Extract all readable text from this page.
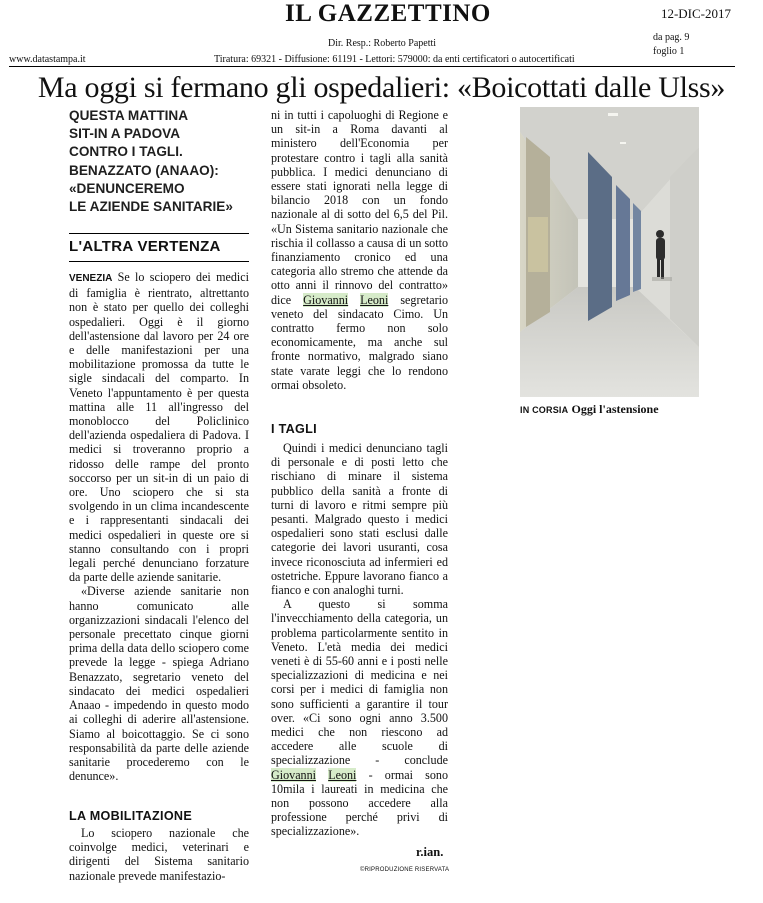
IL GAZZETTINO	12-DIC-2017
Dir. Resp.: Roberto Papetti
da pag. 9
foglio 1
www.datastampa.it	Tiratura: 69321 - Diffusione: 61191 - Lettori: 579000: da enti certificatori o autocertificati
Ma oggi si fermano gli ospedalieri: «Boicottati dalle Ulss»
QUESTA MATTINA
SIT-IN A PADOVA
CONTRO I TAGLI.
BENAZZATO (ANAAO):
«DENUNCEREMO
LE AZIENDE SANITARIE»
L'ALTRA VERTENZA

VENEZIA Se lo sciopero dei medici di famiglia è rientrato, altrettanto non è stato per quello dei colleghi ospedalieri. Oggi è il giorno dell'astensione dal lavoro per 24 ore e delle manifestazioni per una mobilitazione promossa da tutte le sigle sindacali del comparto. In Veneto l'appuntamento è per questa mattina alle 11 all'ingresso del monoblocco del Policlinico dell'azienda ospedaliera di Padova. I medici si troveranno proprio a ridosso delle rampe del pronto soccorso per un sit-in di un paio di ore. Uno sciopero che si sta svolgendo in un clima incandescente e i rappresentanti sindacali dei medici ospedalieri in queste ore si stanno consultando con i propri legali perché denunciano forzature da parte delle aziende sanitarie.

«Diverse aziende sanitarie non hanno comunicato alle organizzazioni sindacali l'elenco del personale precettato cinque giorni prima della data dello sciopero come prevede la legge - spiega Adriano Benazzato, segretario veneto del sindacato dei medici ospedalieri Anaao - impedendo in questo modo ai colleghi di aderire all'astensione. Siamo al boicottaggio. Se ci sono responsabilità da parte delle aziende sanitarie procederemo con le denunce».

LA MOBILITAZIONE

Lo sciopero nazionale che coinvolge medici, veterinari e dirigenti del Sistema sanitario nazionale prevede manifestazio-

ni in tutti i capoluoghi di Regione e un sit-in a Roma davanti al ministero dell'Economia per protestare contro i tagli alla sanità pubblica. I medici denunciano di essere stati ignorati nella legge di bilancio 2018 con un fondo nazionale al di sotto del 6,5 del Pil. «Un Sistema sanitario nazionale che rischia il collasso a causa di un sotto finanziamento cronico ed una categoria allo stremo che attende da otto anni il rinnovo del contratto» dice Giovanni Leoni segretario veneto del sindacato Cimo. Un contratto fermo non solo economicamente, ma anche sul fronte normativo, malgrado siano state varate leggi che lo rendono ormai obsoleto.

I TAGLI

Quindi i medici denunciano tagli di personale e di posti letto che rischiano di minare il sistema pubblico della sanità a fronte di turni di lavoro e ritmi sempre più pesanti. Malgrado questo i medici ospedalieri sono stati esclusi dalle categorie dei lavori usuranti, cosa invece riconosciuta ad infermieri ed ostetriche. Eppure lavorano fianco a fianco e con analoghi turni.

A questo si somma l'invecchiamento della categoria, un problema particolarmente sentito in Veneto. L'età media dei medici veneti è di 55-60 anni e i posti nelle specializzazioni di medicina e nei corsi per i medici di famiglia non sono sufficienti a garantire il tour over. «Ci sono ogni anno 3.500 medici che non riescono ad accedere alle scuole di specializzazione - conclude Giovanni Leoni - ormai sono 10mila i laureati in medicina che non possono accedere alla professione perché privi di specializzazione».

r.ian.
©RIPRODUZIONE RISERVATA
IN CORSIA Oggi l'astensione
